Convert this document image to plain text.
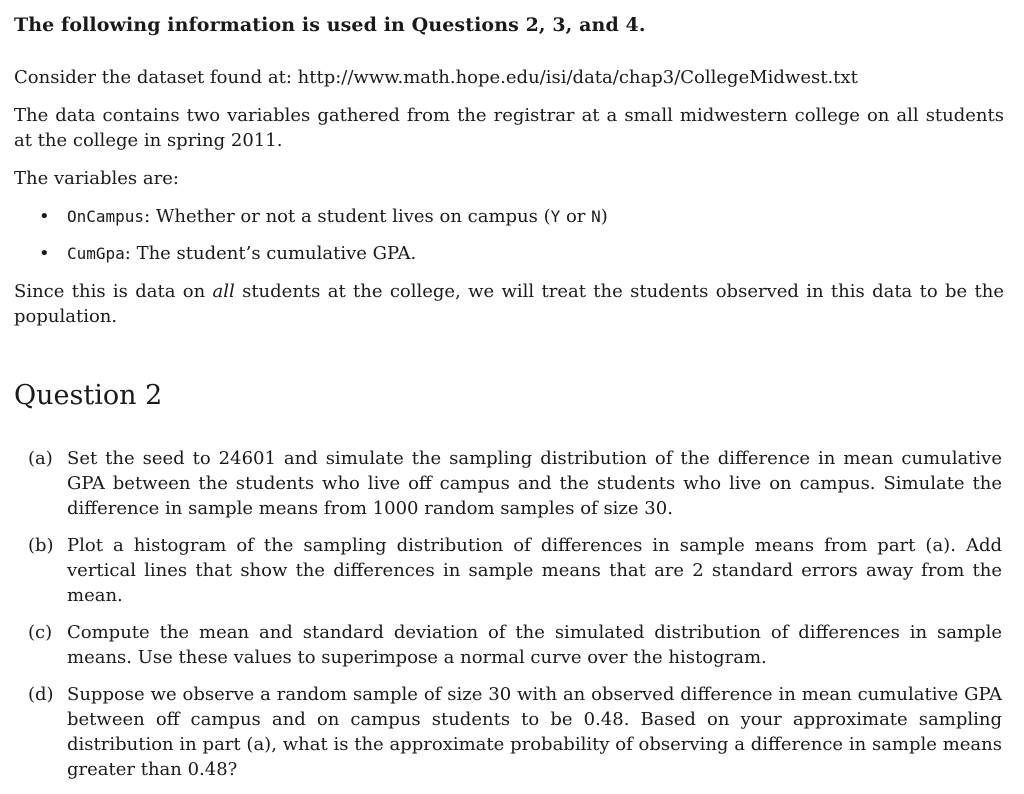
The following information is used in Questions 2, 3, and 4.
Consider the dataset found at: http://www.math.hope.edu/isi/data/chap3/CollegeMidwest.txt
The data contains two variables gathered from the registrar at a small midwestern college on all students at the college in spring 2011.
The variables are:
• OnCampus: Whether or not a student lives on campus (Y or N)
• CumGpa: The student’s cumulative GPA.
Since this is data on all students at the college, we will treat the students observed in this data to be the population.
Question 2
(a) Set the seed to 24601 and simulate the sampling distribution of the difference in mean cumulative GPA between the students who live off campus and the students who live on campus. Simulate the difference in sample means from 1000 random samples of size 30.
(b) Plot a histogram of the sampling distribution of differences in sample means from part (a). Add vertical lines that show the differences in sample means that are 2 standard errors away from the mean.
(c) Compute the mean and standard deviation of the simulated distribution of differences in sample means. Use these values to superimpose a normal curve over the histogram.
(d) Suppose we observe a random sample of size 30 with an observed difference in mean cumulative GPA between off campus and on campus students to be 0.48. Based on your approximate sampling distribution in part (a), what is the approximate probability of observing a difference in sample means greater than 0.48?
